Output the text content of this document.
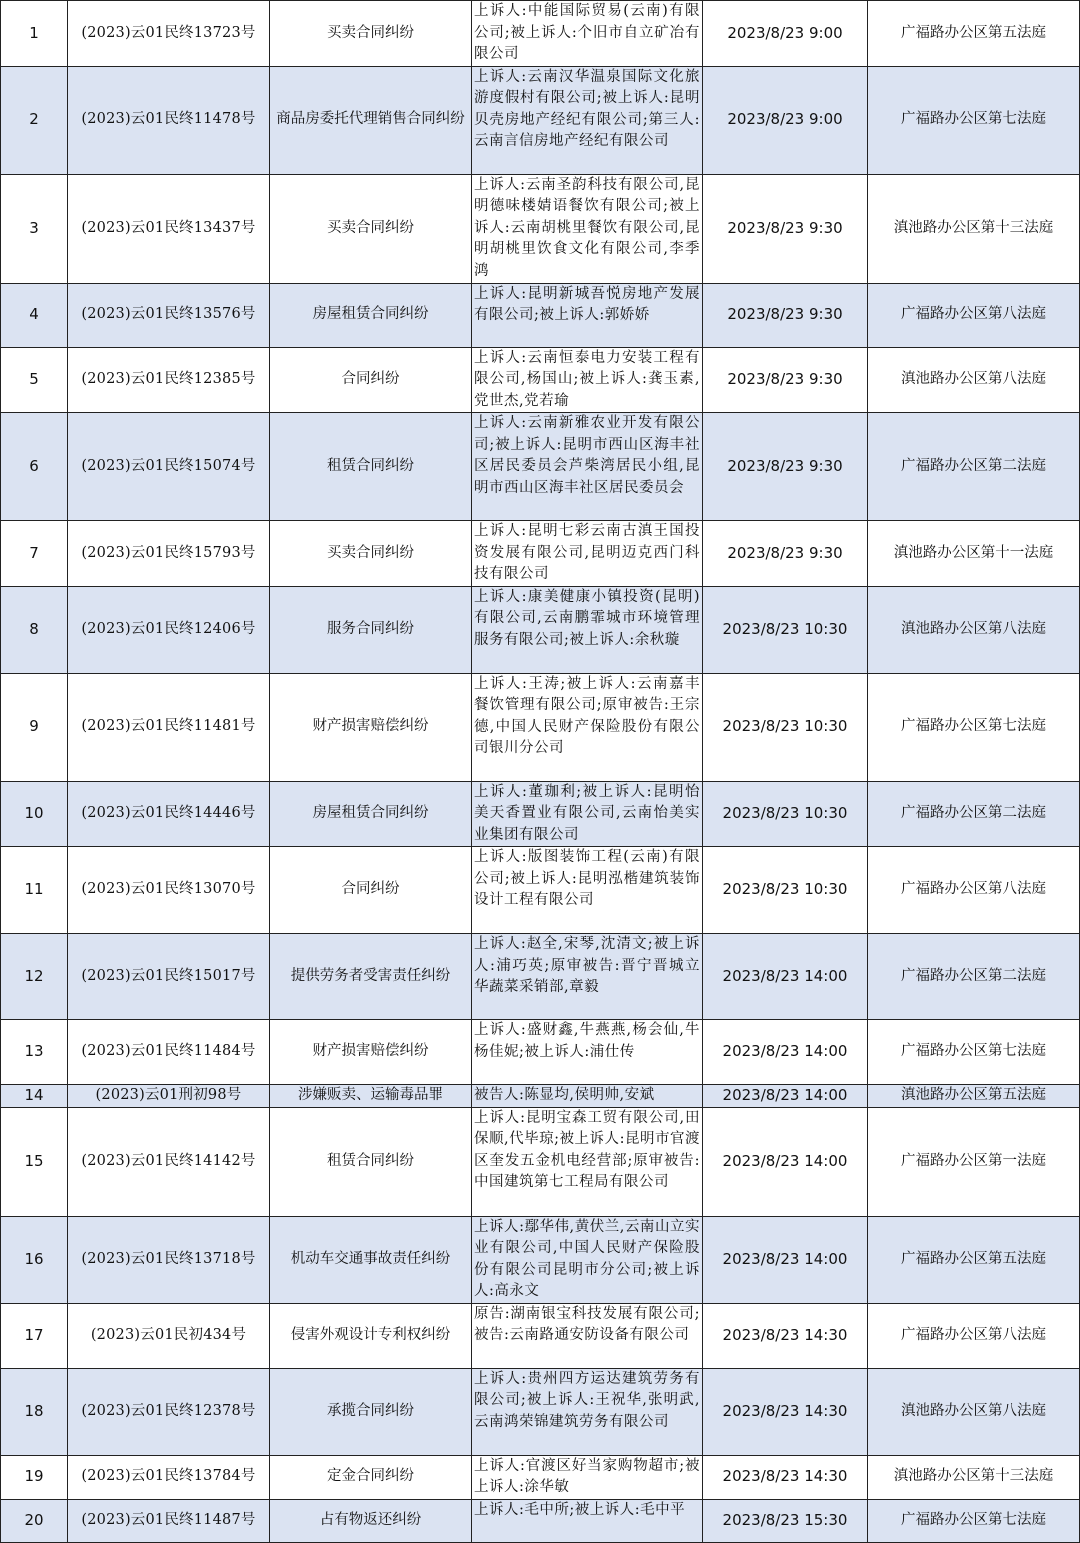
1	(2023)云01民终13723号	买卖合同纠纷	上诉人:中能国际贸易(云南)有限公司;被上诉人:个旧市自立矿冶有限公司	2023/8/23 9:00	广福路办公区第五法庭
2	(2023)云01民终11478号	商品房委托代理销售合同纠纷	上诉人:云南汉华温泉国际文化旅游度假村有限公司;被上诉人:昆明贝壳房地产经纪有限公司;第三人:云南言信房地产经纪有限公司	2023/8/23 9:00	广福路办公区第七法庭
3	(2023)云01民终13437号	买卖合同纠纷	上诉人:云南圣韵科技有限公司,昆明德味楼婧语餐饮有限公司;被上诉人:云南胡桃里餐饮有限公司,昆明胡桃里饮食文化有限公司,李季鸿	2023/8/23 9:30	滇池路办公区第十三法庭
4	(2023)云01民终13576号	房屋租赁合同纠纷	上诉人:昆明新城吾悦房地产发展有限公司;被上诉人:郭娇娇	2023/8/23 9:30	广福路办公区第八法庭
5	(2023)云01民终12385号	合同纠纷	上诉人:云南恒泰电力安装工程有限公司,杨国山;被上诉人:龚玉素,党世杰,党若瑜	2023/8/23 9:30	滇池路办公区第八法庭
6	(2023)云01民终15074号	租赁合同纠纷	上诉人:云南新雅农业开发有限公司;被上诉人:昆明市西山区海丰社区居民委员会芦柴湾居民小组,昆明市西山区海丰社区居民委员会	2023/8/23 9:30	广福路办公区第二法庭
7	(2023)云01民终15793号	买卖合同纠纷	上诉人:昆明七彩云南古滇王国投资发展有限公司,昆明迈克西门科技有限公司	2023/8/23 9:30	滇池路办公区第十一法庭
8	(2023)云01民终12406号	服务合同纠纷	上诉人:康美健康小镇投资(昆明)有限公司,云南鹏霏城市环境管理服务有限公司;被上诉人:余秋璇	2023/8/23 10:30	滇池路办公区第八法庭
9	(2023)云01民终11481号	财产损害赔偿纠纷	上诉人:王涛;被上诉人:云南嘉丰餐饮管理有限公司;原审被告:王宗德,中国人民财产保险股份有限公司银川分公司	2023/8/23 10:30	广福路办公区第七法庭
10	(2023)云01民终14446号	房屋租赁合同纠纷	上诉人:董珈利;被上诉人:昆明怡美天香置业有限公司,云南怡美实业集团有限公司	2023/8/23 10:30	广福路办公区第二法庭
11	(2023)云01民终13070号	合同纠纷	上诉人:版图装饰工程(云南)有限公司;被上诉人:昆明泓楷建筑装饰设计工程有限公司	2023/8/23 10:30	广福路办公区第八法庭
12	(2023)云01民终15017号	提供劳务者受害责任纠纷	上诉人:赵全,宋琴,沈清文;被上诉人:浦巧英;原审被告:晋宁晋城立华蔬菜采销部,章毅	2023/8/23 14:00	广福路办公区第二法庭
13	(2023)云01民终11484号	财产损害赔偿纠纷	上诉人:盛财鑫,牛燕燕,杨会仙,牛杨佳妮;被上诉人:浦仕传	2023/8/23 14:00	广福路办公区第七法庭
14	(2023)云01刑初98号	涉嫌贩卖、运输毒品罪	被告人:陈显均,侯明帅,安斌	2023/8/23 14:00	滇池路办公区第五法庭
15	(2023)云01民终14142号	租赁合同纠纷	上诉人:昆明宝森工贸有限公司,田保顺,代毕琼;被上诉人:昆明市官渡区奎发五金机电经营部;原审被告:中国建筑第七工程局有限公司	2023/8/23 14:00	广福路办公区第一法庭
16	(2023)云01民终13718号	机动车交通事故责任纠纷	上诉人:鄢华伟,黄伏兰,云南山立实业有限公司,中国人民财产保险股份有限公司昆明市分公司;被上诉人:高永文	2023/8/23 14:00	广福路办公区第五法庭
17	(2023)云01民初434号	侵害外观设计专利权纠纷	原告:湖南银宝科技发展有限公司;被告:云南路通安防设备有限公司	2023/8/23 14:30	广福路办公区第八法庭
18	(2023)云01民终12378号	承揽合同纠纷	上诉人:贵州四方运达建筑劳务有限公司;被上诉人:王祝华,张明武,云南鸿荣锦建筑劳务有限公司	2023/8/23 14:30	滇池路办公区第八法庭
19	(2023)云01民终13784号	定金合同纠纷	上诉人:官渡区好当家购物超市;被上诉人:涂华敏	2023/8/23 14:30	滇池路办公区第十三法庭
20	(2023)云01民终11487号	占有物返还纠纷	上诉人:毛中所;被上诉人:毛中平	2023/8/23 15:30	广福路办公区第七法庭
